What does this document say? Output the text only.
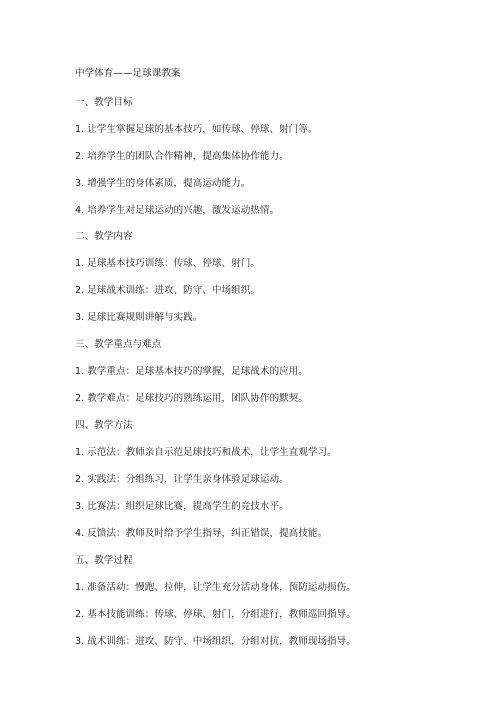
中学体育——足球课教案
一、教学目标
1. 让学生掌握足球的基本技巧，如传球、停球、射门等。
2. 培养学生的团队合作精神，提高集体协作能力。
3. 增强学生的身体素质，提高运动能力。
4. 培养学生对足球运动的兴趣，激发运动热情。
二、教学内容
1. 足球基本技巧训练：传球、停球、射门。
2. 足球战术训练：进攻、防守、中场组织。
3. 足球比赛规则讲解与实践。
三、教学重点与难点
1. 教学重点：足球基本技巧的掌握，足球战术的应用。
2. 教学难点：足球技巧的熟练运用，团队协作的默契。
四、教学方法
1. 示范法：教师亲自示范足球技巧和战术，让学生直观学习。
2. 实践法：分组练习，让学生亲身体验足球运动。
3. 比赛法：组织足球比赛，提高学生的竞技水平。
4. 反馈法：教师及时给予学生指导，纠正错误，提高技能。
五、教学过程
1. 准备活动：慢跑、拉伸，让学生充分活动身体，预防运动损伤。
2. 基本技能训练：传球、停球、射门，分组进行，教师巡回指导。
3. 战术训练：进攻、防守、中场组织，分组对抗，教师现场指导。
